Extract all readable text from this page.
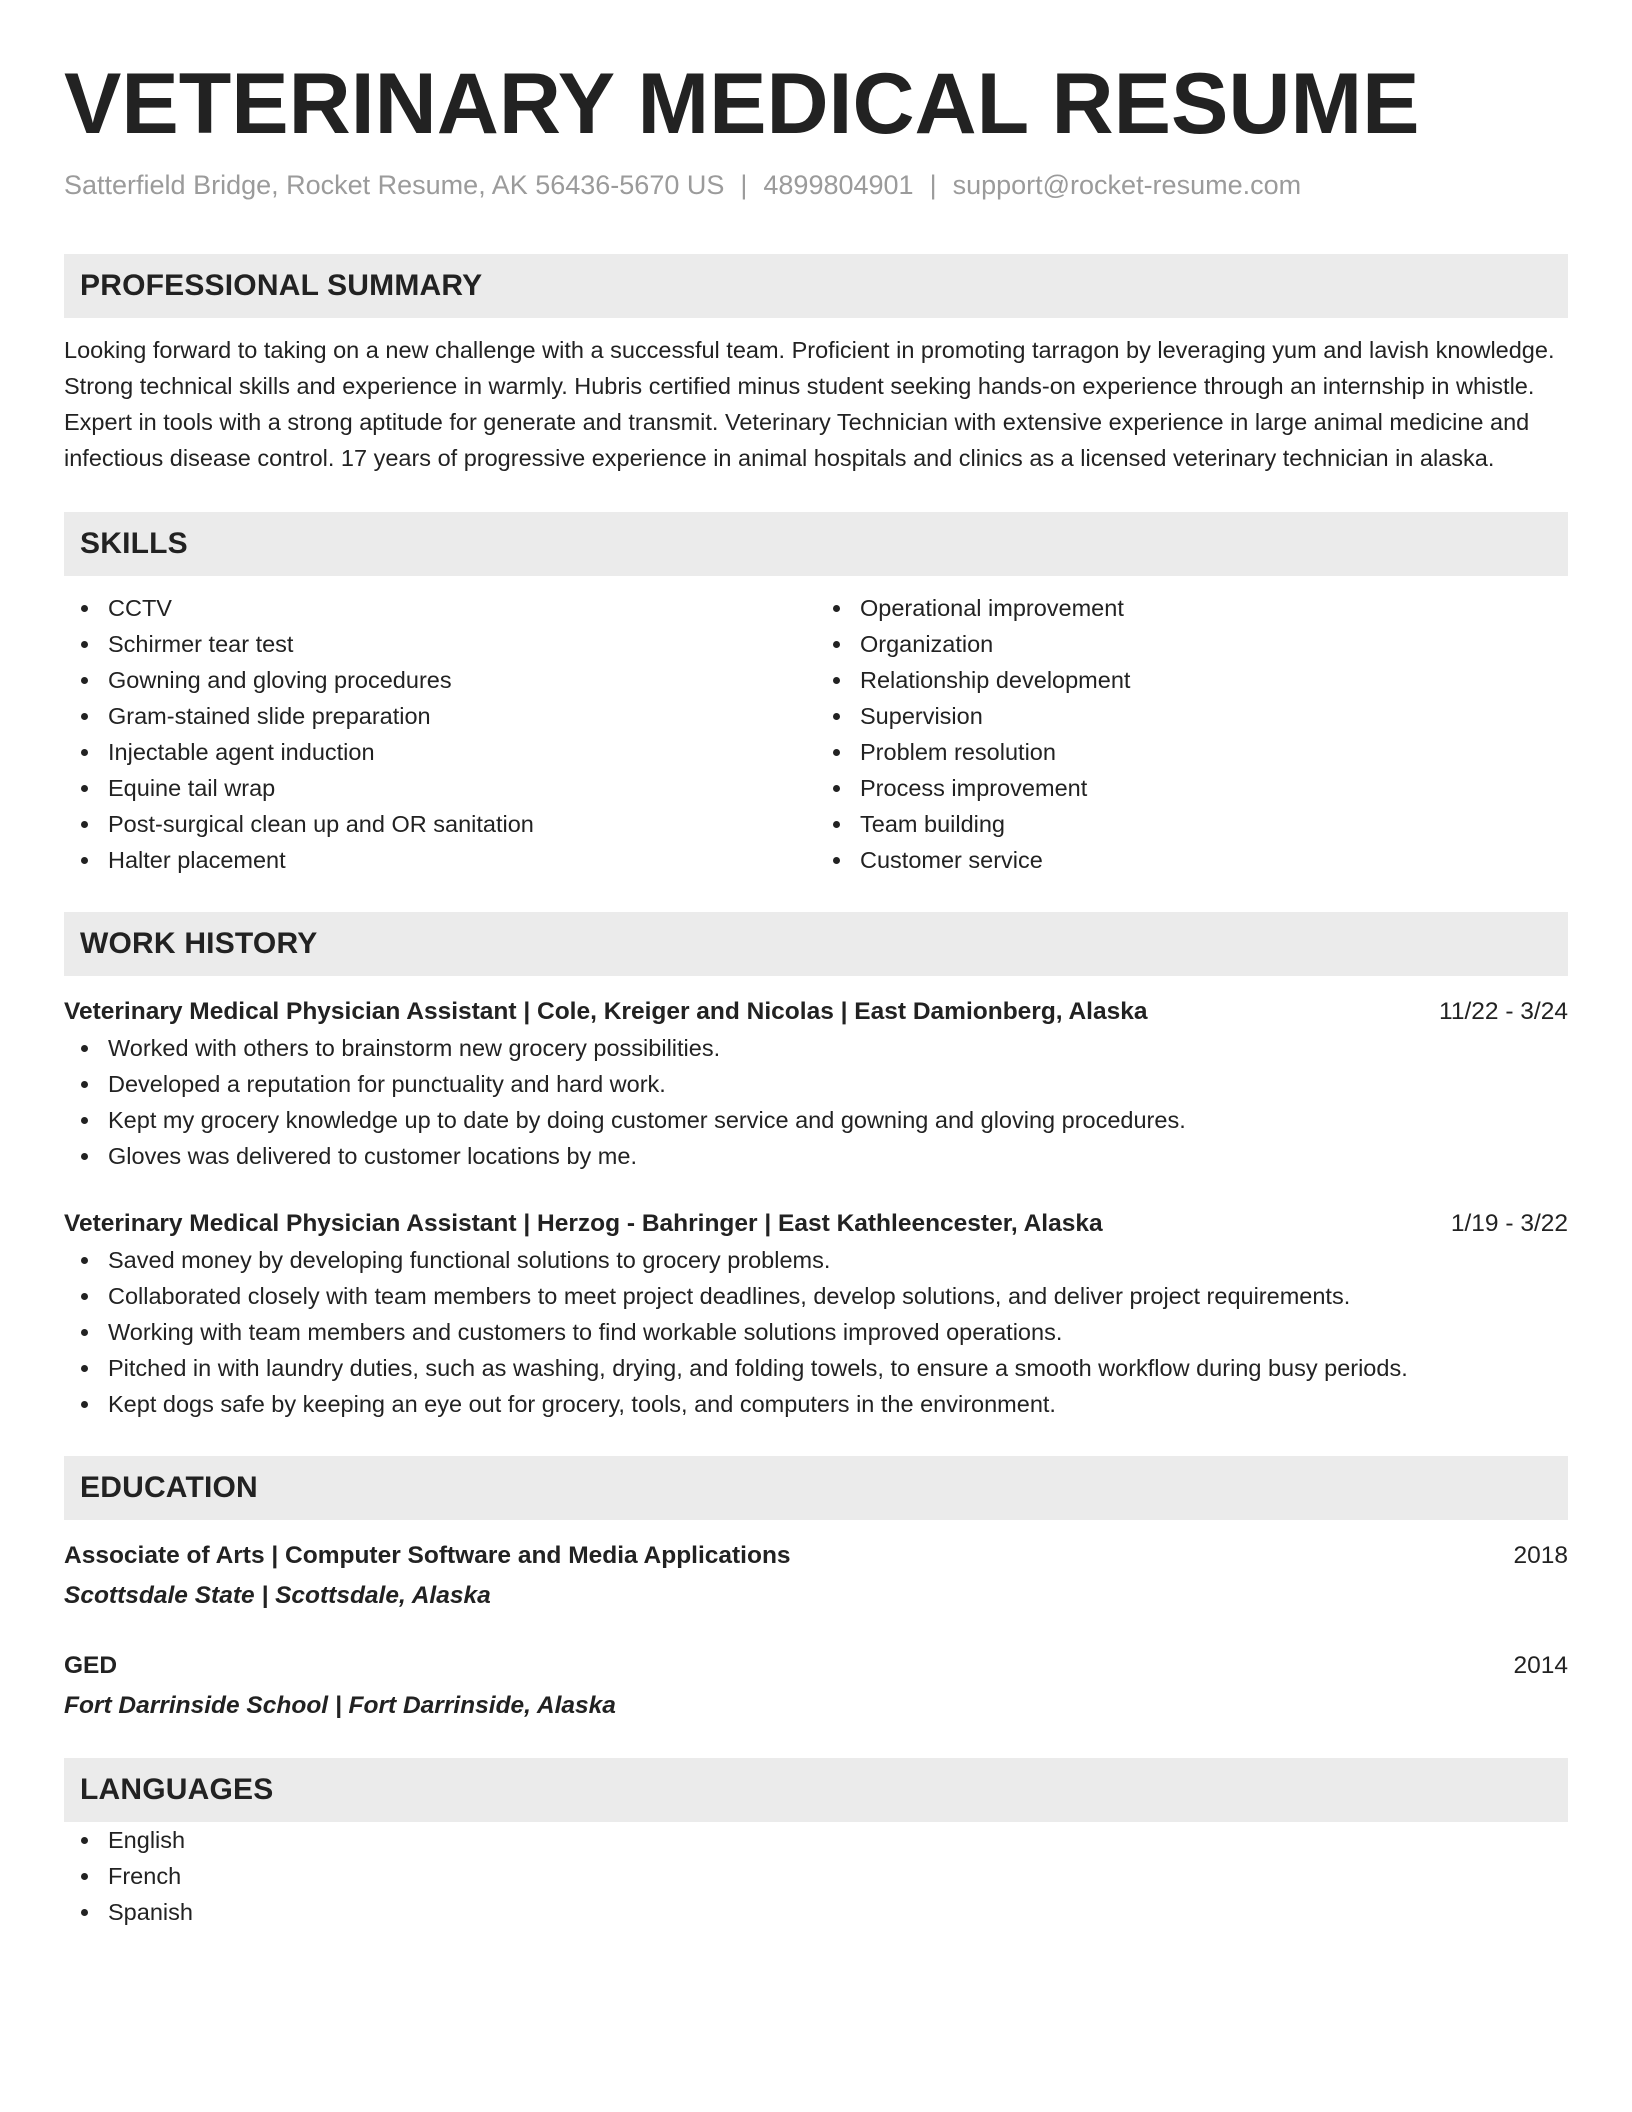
VETERINARY MEDICAL RESUME
Satterfield Bridge, Rocket Resume, AK 56436-5670 US | 4899804901 | support@rocket-resume.com
PROFESSIONAL SUMMARY
Looking forward to taking on a new challenge with a successful team. Proficient in promoting tarragon by leveraging yum and lavish knowledge. Strong technical skills and experience in warmly. Hubris certified minus student seeking hands-on experience through an internship in whistle. Expert in tools with a strong aptitude for generate and transmit. Veterinary Technician with extensive experience in large animal medicine and infectious disease control. 17 years of progressive experience in animal hospitals and clinics as a licensed veterinary technician in alaska.
SKILLS
CCTV
Schirmer tear test
Gowning and gloving procedures
Gram-stained slide preparation
Injectable agent induction
Equine tail wrap
Post-surgical clean up and OR sanitation
Halter placement
Operational improvement
Organization
Relationship development
Supervision
Problem resolution
Process improvement
Team building
Customer service
WORK HISTORY
Veterinary Medical Physician Assistant | Cole, Kreiger and Nicolas | East Damionberg, Alaska	11/22 - 3/24
Worked with others to brainstorm new grocery possibilities.
Developed a reputation for punctuality and hard work.
Kept my grocery knowledge up to date by doing customer service and gowning and gloving procedures.
Gloves was delivered to customer locations by me.
Veterinary Medical Physician Assistant | Herzog - Bahringer | East Kathleencester, Alaska	1/19 - 3/22
Saved money by developing functional solutions to grocery problems.
Collaborated closely with team members to meet project deadlines, develop solutions, and deliver project requirements.
Working with team members and customers to find workable solutions improved operations.
Pitched in with laundry duties, such as washing, drying, and folding towels, to ensure a smooth workflow during busy periods.
Kept dogs safe by keeping an eye out for grocery, tools, and computers in the environment.
EDUCATION
Associate of Arts | Computer Software and Media Applications	2018
Scottsdale State | Scottsdale, Alaska
GED	2014
Fort Darrinside School | Fort Darrinside, Alaska
LANGUAGES
English
French
Spanish
